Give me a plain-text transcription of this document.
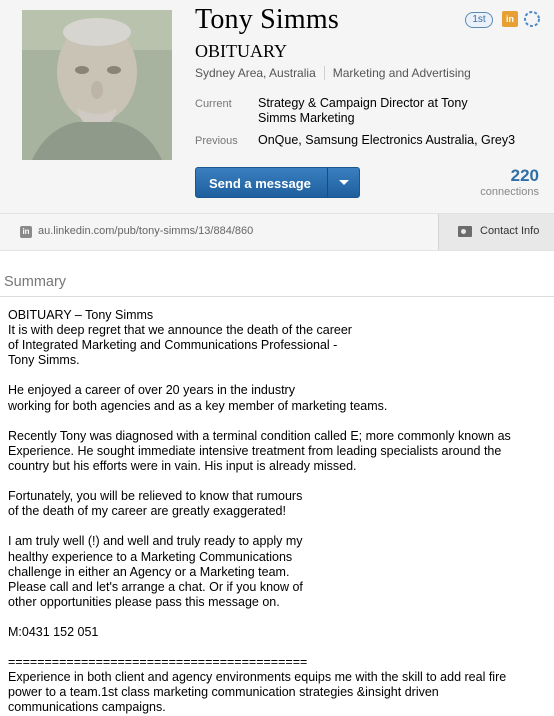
Tony Simms	1st	in
OBITUARY
Sydney Area, Australia Marketing and Advertising
Current Strategy & Campaign Director at Tony Simms Marketing
Previous OnQue, Samsung Electronics Australia, Grey3
Send a message	220
connections
in au.linkedin.com/pub/tony-simms/13/884/860	Contact Info
Summary

OBITUARY – Tony Simms
It is with deep regret that we announce the death of the career
of Integrated Marketing and Communications Professional -
Tony Simms.

He enjoyed a career of over 20 years in the industry
working for both agencies and as a key member of marketing teams.

Recently Tony was diagnosed with a terminal condition called E; more commonly known as
Experience. He sought immediate intensive treatment from leading specialists around the
country but his efforts were in vain. His input is already missed.

Fortunately, you will be relieved to know that rumours
of the death of my career are greatly exaggerated!

I am truly well (!) and well and truly ready to apply my
healthy experience to a Marketing Communications
challenge in either an Agency or a Marketing team.
Please call and let's arrange a chat. Or if you know of
other opportunities please pass this message on.

M:0431 152 051

=========================================
Experience in both client and agency environments equips me with the skill to add real fire
power to a team.1st class marketing communication strategies &insight driven
communications campaigns.
